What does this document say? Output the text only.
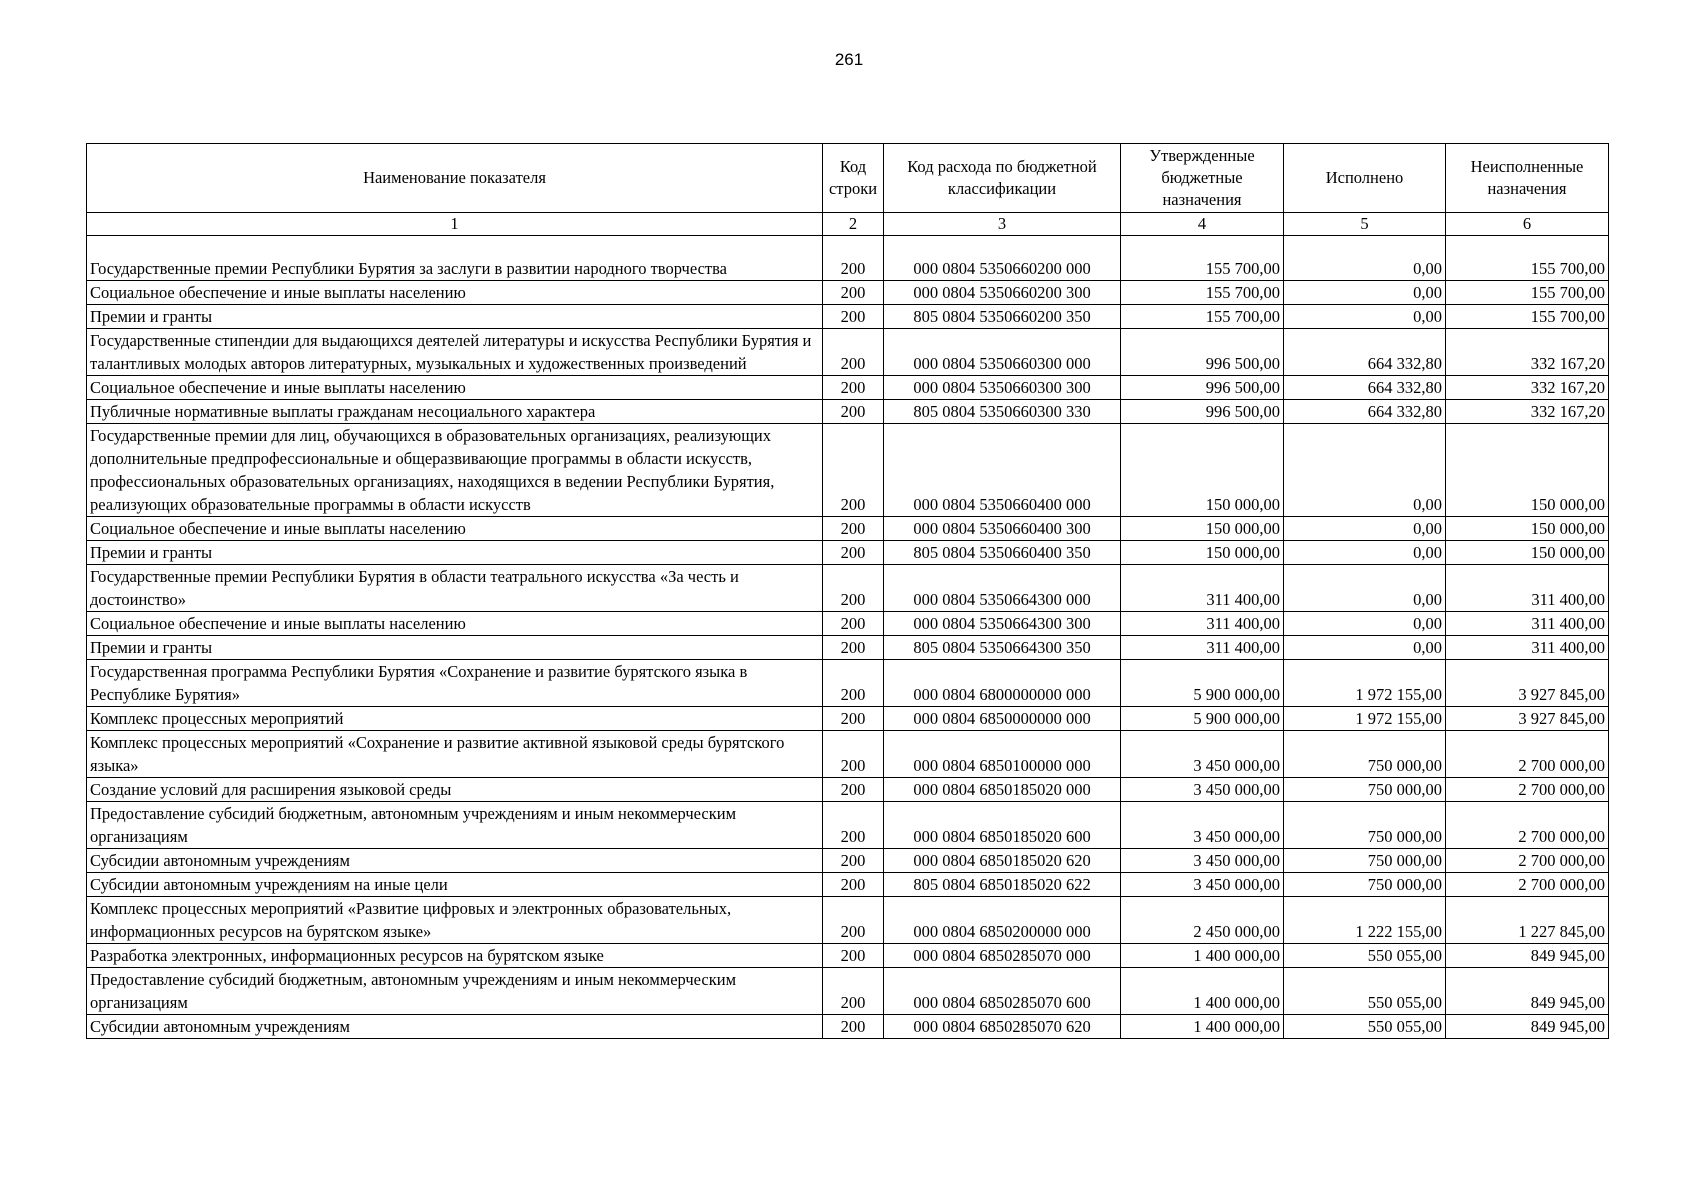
261
Наименование показателя	Код строки	Код расхода по бюджетной классификации	Утвержденные бюджетные назначения	Исполнено	Неисполненные назначения
1	2	3	4	5	6
Государственные премии Республики Бурятия за заслуги в развитии народного творчества	200	000 0804 5350660200 000	155 700,00	0,00	155 700,00
Социальное обеспечение и иные выплаты населению	200	000 0804 5350660200 300	155 700,00	0,00	155 700,00
Премии и гранты	200	805 0804 5350660200 350	155 700,00	0,00	155 700,00
Государственные стипендии для выдающихся деятелей литературы и искусства Республики Бурятия и талантливых молодых авторов литературных, музыкальных и художественных произведений	200	000 0804 5350660300 000	996 500,00	664 332,80	332 167,20
Социальное обеспечение и иные выплаты населению	200	000 0804 5350660300 300	996 500,00	664 332,80	332 167,20
Публичные нормативные выплаты гражданам несоциального характера	200	805 0804 5350660300 330	996 500,00	664 332,80	332 167,20
Государственные премии для лиц, обучающихся в образовательных организациях, реализующих дополнительные предпрофессиональные и общеразвивающие программы в области искусств, профессиональных образовательных организациях, находящихся в ведении Республики Бурятия, реализующих образовательные программы в области искусств	200	000 0804 5350660400 000	150 000,00	0,00	150 000,00
Социальное обеспечение и иные выплаты населению	200	000 0804 5350660400 300	150 000,00	0,00	150 000,00
Премии и гранты	200	805 0804 5350660400 350	150 000,00	0,00	150 000,00
Государственные премии Республики Бурятия в области театрального искусства «За честь и достоинство»	200	000 0804 5350664300 000	311 400,00	0,00	311 400,00
Социальное обеспечение и иные выплаты населению	200	000 0804 5350664300 300	311 400,00	0,00	311 400,00
Премии и гранты	200	805 0804 5350664300 350	311 400,00	0,00	311 400,00
Государственная программа Республики Бурятия «Сохранение и развитие бурятского языка в Республике Бурятия»	200	000 0804 6800000000 000	5 900 000,00	1 972 155,00	3 927 845,00
Комплекс процессных мероприятий	200	000 0804 6850000000 000	5 900 000,00	1 972 155,00	3 927 845,00
Комплекс процессных мероприятий «Сохранение и развитие активной языковой среды бурятского языка»	200	000 0804 6850100000 000	3 450 000,00	750 000,00	2 700 000,00
Создание условий для расширения языковой среды	200	000 0804 6850185020 000	3 450 000,00	750 000,00	2 700 000,00
Предоставление субсидий бюджетным, автономным учреждениям и иным некоммерческим организациям	200	000 0804 6850185020 600	3 450 000,00	750 000,00	2 700 000,00
Субсидии автономным учреждениям	200	000 0804 6850185020 620	3 450 000,00	750 000,00	2 700 000,00
Субсидии автономным учреждениям на иные цели	200	805 0804 6850185020 622	3 450 000,00	750 000,00	2 700 000,00
Комплекс процессных мероприятий «Развитие цифровых и электронных образовательных, информационных ресурсов на бурятском языке»	200	000 0804 6850200000 000	2 450 000,00	1 222 155,00	1 227 845,00
Разработка электронных, информационных ресурсов на бурятском языке	200	000 0804 6850285070 000	1 400 000,00	550 055,00	849 945,00
Предоставление субсидий бюджетным, автономным учреждениям и иным некоммерческим организациям	200	000 0804 6850285070 600	1 400 000,00	550 055,00	849 945,00
Субсидии автономным учреждениям	200	000 0804 6850285070 620	1 400 000,00	550 055,00	849 945,00
